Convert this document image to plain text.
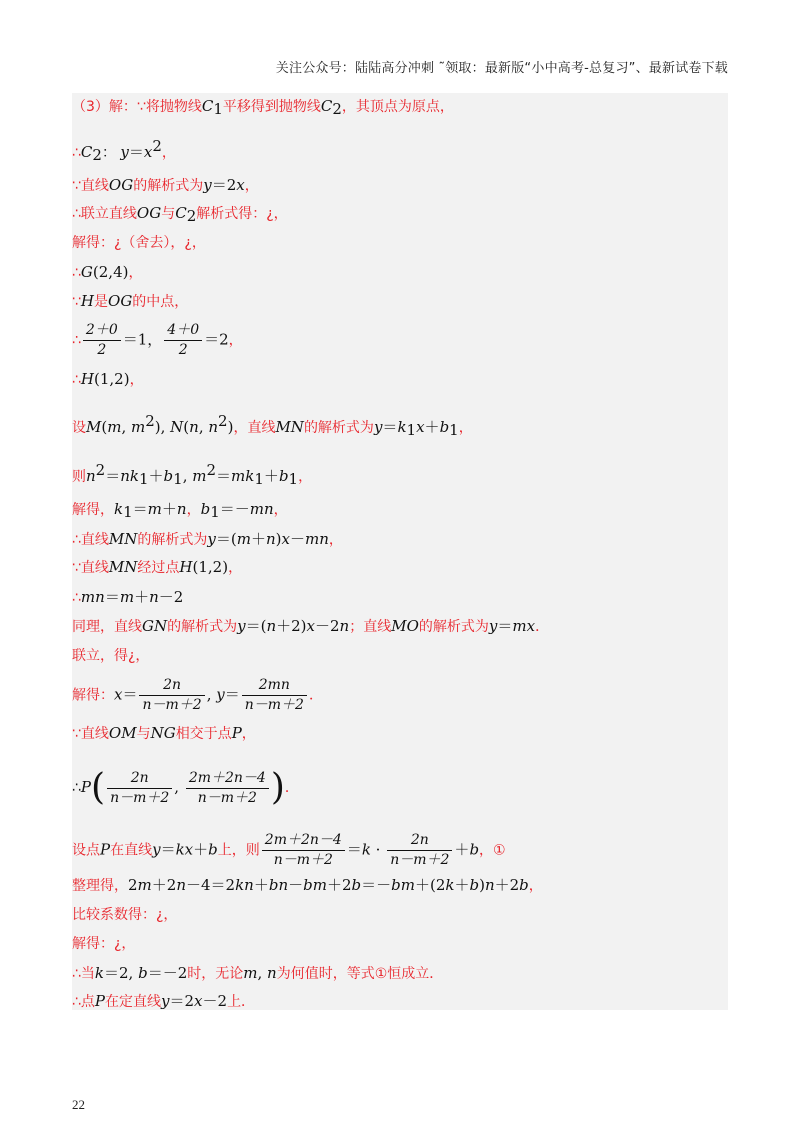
关注公众号：陆陆高分冲刺 ˜领取：最新版“小中高考-总复习”、最新试卷下载
（3）解：∵将抛物线$C_1$平移得到抛物线$C_2$，其顶点为原点，
$\therefore C_2$： $y=x^2$，
∵直线OG的解析式为y＝2x，
∴联立直线OG与$C_2$解析式得：¿，
解得：¿（舍去），¿，
∴G(2,4)，
∵H是OG的中点，
∴ $\frac{2+0}{2} =1$， $\frac{4+0}{2} =2$，
∴H(1,2)，
设M(m, $m^2$), N(n, $n^2$)，直线MN的解析式为$y=k_1x+b_1$，
则$n^2=nk_1+b_1$, $m^2=mk_1+b_1$，
解得，$k_1=m+n$，$b_1=-mn$，
∴直线MN的解析式为y＝(m＋n)x－mn，
∵直线MN经过点H(1,2)，
∴mn＝m＋n－2
同理，直线GN的解析式为y＝(n＋2)x－2n；直线MO的解析式为y＝mx．
联立，得¿，
解得：$x= \frac{2n}{n-m+2}$ , $y= \frac{2mn}{n-m+2}$ ．
∵直线OM与NG相交于点P，
∴P( $\frac{2n}{n-m+2}$ , $\frac{2m+2n-4}{n-m+2}$ )．
设点P在直线y＝kx＋b上，则 $\frac{2m+2n-4}{n-m+2} =k \cdot \frac{2n}{n-m+2} +b$，①
整理得，2m＋2n－4＝2kn＋bn－bm＋2b＝－bm＋(2k＋b)n＋2b，
比较系数得：¿，
解得：¿，
∴当k＝2, b＝－2时，无论m, n为何值时，等式①恒成立．
∴点P在定直线y＝2x－2上．
22
